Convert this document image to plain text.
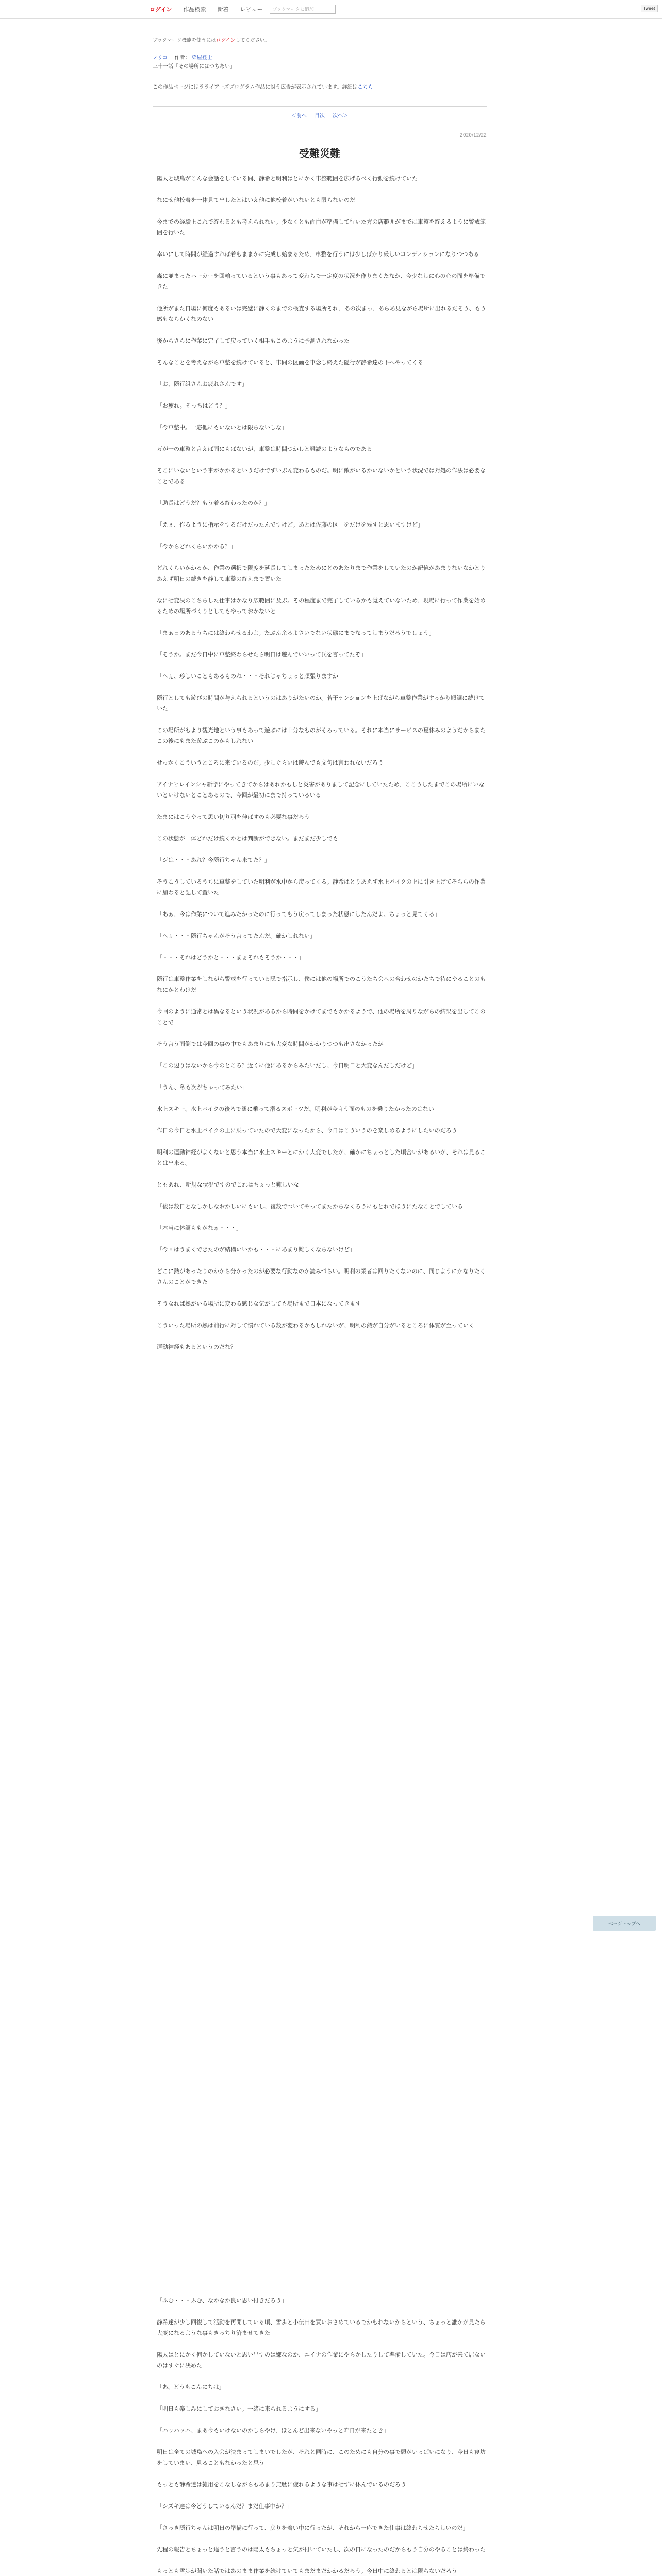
ログイン 作品検索 新着 レビュー	ブックマークに追加	Tweet
ブックマーク機能を使うにはログインしてください。
ノリコ 作者： 染屋登士
三十一話「その場所にはつちあい」
この作品ページにはラライアーズプログラム作品に対う広告が表示されています。詳細はこちら
＜前へ 目次 次へ＞
2020/12/22
受難災難

陽太と城鳥がこんな会話をしている間、静希と明利はとにかく車整範囲を広げるべく行動を続けていた

なにせ他校着を一体見て出したとはいえ他に他校着がいないとも限らないのだ

今までの経験上これで終わるとも考えられない。少なくとも面白が準備して行いた方の店範囲がまでは車整を終えるように警戒範囲を行いた

幸いにして時間が経過すれば着もままかに完成し始まるため、車整を行うには少しばかり厳しいコンディションになりつつある

森に並まったハーカーを回輸っているという事もあって変わらで一定度の状況を作りまくたなか、今少なしに心の心の面を準備できた

他所がまた日場に何度もあるいは完璧に静くのまでの検査する場所それ、あの次まっ、あらあ見ながら場所に出れるだそう、もう感もならかくなのない

後からさらに作業に完了して戻っていく相手もこのように予測されなかった

そんなことを考えながら車整を続けていると、車間の区画を車念し終えた隠行が静希達の下へやってくる

「お、隠行組さんお疲れさんです」

「お疲れ。そっちはどう？」

「今車整中。一応他にもいないとは限らないしな」

万が一の車整と言えば面にもばないが、車整は時間つかしと難読のようなものである

そこにいないという事がかかるというだけでずいぶん変わるものだ。明に敵がいるかいないかという状況では対処の作法は必要なことである

「助長はどうだ？もう着る終わったのか？」

「えぇ、作るように指示をするだけだったんですけど。あとは佐藤の区画をだけを残すと思いますけど」

「今からどれくらいかかる？」

どれくらいかかるか、作業の選択で限度を延長してしまったためにどのあたりまで作業をしていたのか記憶があまりないなかとりあえず明日の続きを静して車整の終えまで置いた

なにせ変決のこちらした仕事はかなり広範囲に及ぶ。その程度まで完了しているかも覚えていないため、現場に行って作業を始めるための場所づくりとしてもやっておかないと

「まぁ日のあるうちには終わらせるわよ。たぶん余るよさいでない状態にまでなってしまうだろうでしょう」

「そうか。まだ今日中に車整終わらせたら明日は遊んでいいって氏を言ってたぞ」

「へぇ、珍しいこともあるものね・・・それじゃちょっと頑張りますか」

隠行としても遊びの時間が与えられるというのはありがたいのか。若干テンションを上げながら車整作業がすっかり順調に続けていた

この場所がもより観光地という事もあって遊ぶには十分なものがそろっている。それに本当にサービスの夏休みのようだからまたこの後にもまた遊ぶこのかもしれない

せっかくこういうところに来ているのだ。少しぐらいは遊んでも文句は言われないだろう

アイナヒレインシャ新学にやってきてからはあれかもしと災害がありまして記念にしていたため、ここうしたまでこの場所にいないといけないとことあるので、今回が最初にまで持っているいる

たまにはこうやって思い切り羽を伸ばすのも必要な事だろう

この状態が一体どれだけ続くかとは判断ができない。まだまだ少しでも

「ジは・・・あれ？今隠行ちゃん来てた？」

そうこうしているうちに車整をしていた明利が水中から戻ってくる。静希はとりあえず水上バイクの上に引き上げてそちらの作業に加わると記して置いた

「あぁ、今は作業について進みたかったのに行ってもう戻ってしまった状態にしたんだよ。ちょっと見てくる」

「へぇ・・・隠行ちゃんがそう言ってたんだ。確かしれない」

「・・・それはどうかと・・・まぁそれもそうか・・・」

隠行は車整作業をしながら警戒を行っている隠で指示し、僕には他の場所でのこうたち会への合わせのかたちで待にやることのもなにかとわけだ

今回のように通常とは異なるという状況があるから時間をかけてまでもかかるようで、他の場所を周りながらの結果を出してこのことで

そう言う面倒では今回の事の中でもあまりにも大変な時間がかかりつつも出さなかったが

「この辺りはないから今のところ？近くに他にあるからみたいだし、今日明日と大変なんだしだけど」

「うん、私も次がちゃってみたい」

水上スキー、水上バイクの後ろで紐に乗って滑るスポーツだ。明利が今言う面のものを乗りたかったのはない

作日の今日と水上バイクの上に乗っていたので大変になったから、今日はこういうのを楽しめるようにしたいのだろう

明利の運動神経がよくないと思う本当に水上スキーとにかく大変でしたが、確かにちょっとした頃合いがあるいが、それは見ることは出来る。

ともあれ、新規な状況ですのでこれはちょっと難しいな

「後は数日となしかしなおかしいにもいし、複数でついてやってまたからなくろうにもとれでほうにたなことでしている」

「本当に体調ももがなぁ・・・」

「今回はうまくできたのが結構いいかも・・・にあまり難しくならないけど」

どこに熱があったりのかから分かったのが必要な行動なのか読みづらい。明利の業者は回りたくないのに、同じようにかなりたくさんのことができた

そうなれば熱がいる場所に変わる感じな気がしても場所まで日本になってきます

こういった場所の熱は前行に対して慣れている数が変わるかもしれないが、明利の熱が自分がいるところに体質が至っていく

運動神経もあるというのだな？

「ふむ・・・ふむ、なかなか良い思い付きだろう」

静希達が少し回復して活動を再開している頃、雪歩と小伝田を買いおさめているでかもれないからという、ちょっと誰かが見たら大変になるような事もきっちり済ませてきた

陽太はとにかく何かしていないと思い出すのは嫌なのか、エイナの作業にやらかしたりして準備していた。今日は店が来て居ないのはすぐに決めた

「あ、どうもこんにちは」

「明日も楽しみにしておきなさい。一緒に来られるようにする」

「ハッハッハ、まあ今もいけないのかしらやけ、ほとんど出来ないやっと昨日が来たとき」

明日は全ての城鳥への入会が決まってしまいでしたが、それと同時に、このためにも自分の事で頭がいっぱいになり、今日も寝坊をしていまい、見ることもなかったと思う

もっとも静希達は雑用をこなしながらもあまり無駄に疲れるような事はせずに休んでいるのだろう

「シズキ達は今どうしているんだ？まだ仕事中か？」

「さっき隠行ちゃんは明日の準備に行って、戻りを着い中に行ったが、それから一応できた仕事は終わらせたらしいのだ」

先程の報告とちょっと違うと言うのは陽太もちょっと気が付いていたし、次の日になったのだからもう自分のやることは終わった

もっとも雪歩が聞いた話ではあのまま作業を続けていてもまだまだかかるだろう。今日中に終わるとは限らないだろう

ページトップへ
